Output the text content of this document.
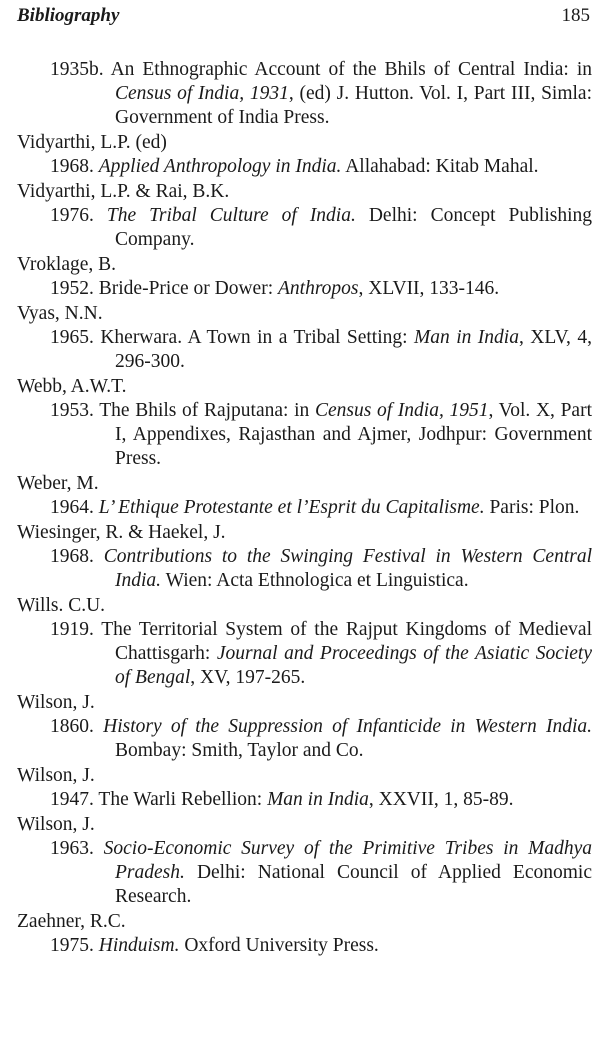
Bibliography	185
1935b. An Ethnographic Account of the Bhils of Central India: in Census of India, 1931, (ed) J. Hutton. Vol. I, Part III, Simla: Government of India Press.
Vidyarthi, L.P. (ed)
1968. Applied Anthropology in India. Allahabad: Kitab Mahal.
Vidyarthi, L.P. & Rai, B.K.
1976. The Tribal Culture of India. Delhi: Concept Publishing Company.
Vroklage, B.
1952. Bride-Price or Dower: Anthropos, XLVII, 133-146.
Vyas, N.N.
1965. Kherwara. A Town in a Tribal Setting: Man in India, XLV, 4, 296-300.
Webb, A.W.T.
1953. The Bhils of Rajputana: in Census of India, 1951, Vol. X, Part I, Appendixes, Rajasthan and Ajmer, Jodhpur: Government Press.
Weber, M.
1964. L’ Ethique Protestante et l’Esprit du Capitalisme. Paris: Plon.
Wiesinger, R. & Haekel, J.
1968. Contributions to the Swinging Festival in Western Central India. Wien: Acta Ethnologica et Linguistica.
Wills. C.U.
1919. The Territorial System of the Rajput Kingdoms of Medieval Chattisgarh: Journal and Proceedings of the Asiatic Society of Bengal, XV, 197-265.
Wilson, J.
1860. History of the Suppression of Infanticide in Western India. Bombay: Smith, Taylor and Co.
Wilson, J.
1947. The Warli Rebellion: Man in India, XXVII, 1, 85-89.
Wilson, J.
1963. Socio-Economic Survey of the Primitive Tribes in Madhya Pradesh. Delhi: National Council of Applied Economic Research.
Zaehner, R.C.
1975. Hinduism. Oxford University Press.
